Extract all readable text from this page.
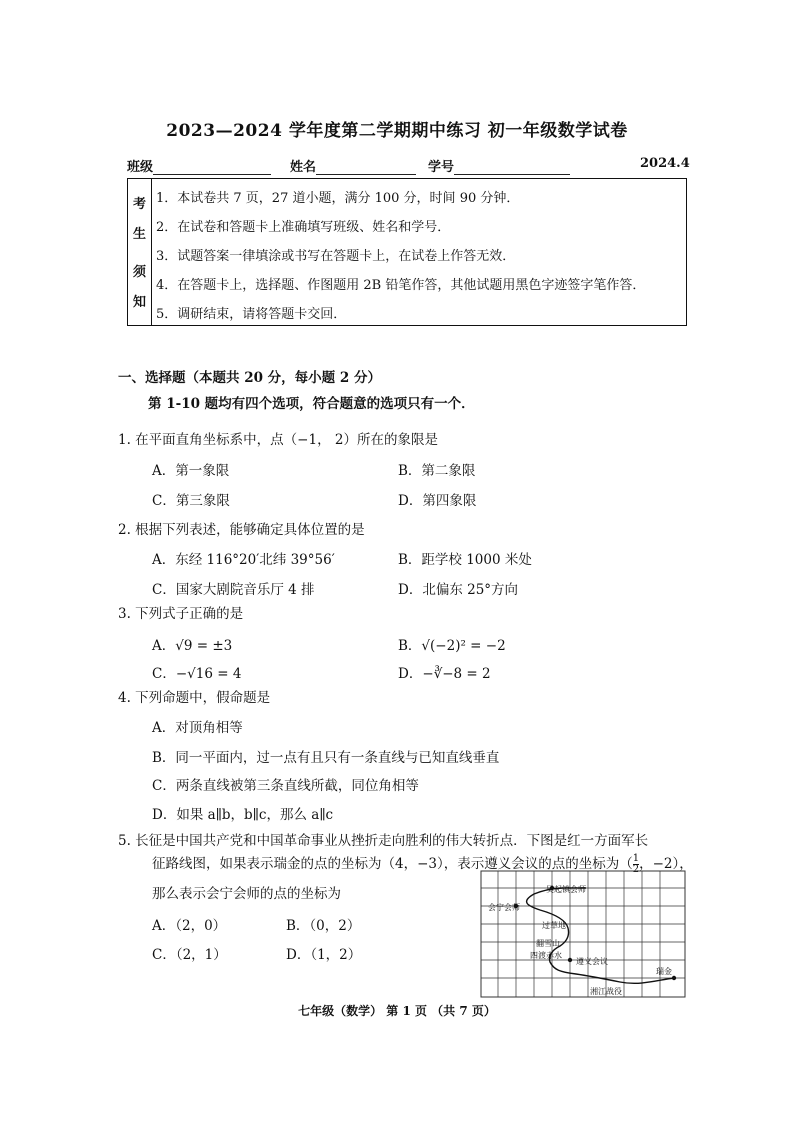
2023—2024 学年度第二学期期中练习 初一年级数学试卷
班级	姓名	学号	2024.4
考
生
须
知
1．本试卷共 7 页，27 道小题，满分 100 分，时间 90 分钟．
2．在试卷和答题卡上准确填写班级、姓名和学号．
3．试题答案一律填涂或书写在答题卡上，在试卷上作答无效．
4．在答题卡上，选择题、作图题用 2B 铅笔作答，其他试题用黑色字迹签字笔作答．
5．调研结束，请将答题卡交回．
一、选择题（本题共 20 分，每小题 2 分）
第 1-10 题均有四个选项，符合题意的选项只有一个．
1. 在平面直角坐标系中，点（−1， 2）所在的象限是
A．第一象限	B．第二象限
C．第三象限	D．第四象限
2. 根据下列表述，能够确定具体位置的是
A．东经 116°20′北纬 39°56′	B．距学校 1000 米处
C．国家大剧院音乐厅 4 排	D．北偏东 25°方向
3. 下列式子正确的是
A．√9 = ±3	B．√(−2)² = −2
C．−√16 = 4	D．−∛−8 = 2
4. 下列命题中，假命题是
A．对顶角相等
B．同一平面内，过一点有且只有一条直线与已知直线垂直
C．两条直线被第三条直线所截，同位角相等
D．如果 a∥b，b∥c，那么 a∥c
5. 长征是中国共产党和中国革命事业从挫折走向胜利的伟大转折点．下图是红一方面军长
征路线图，如果表示瑞金的点的坐标为（4，−3），表示遵义会议的点的坐标为（ $\frac{1}{2}$ ，−2），
那么表示会宁会师的点的坐标为
A．（2，0）	B．（0，2）
C．（2，1）	D．（1，2）
吴起镇会师
会宁会师
过草地
翻雪山
四渡赤水
遵义会议
瑞金
湘江战役
七年级（数学） 第 1 页 （共 7 页）
